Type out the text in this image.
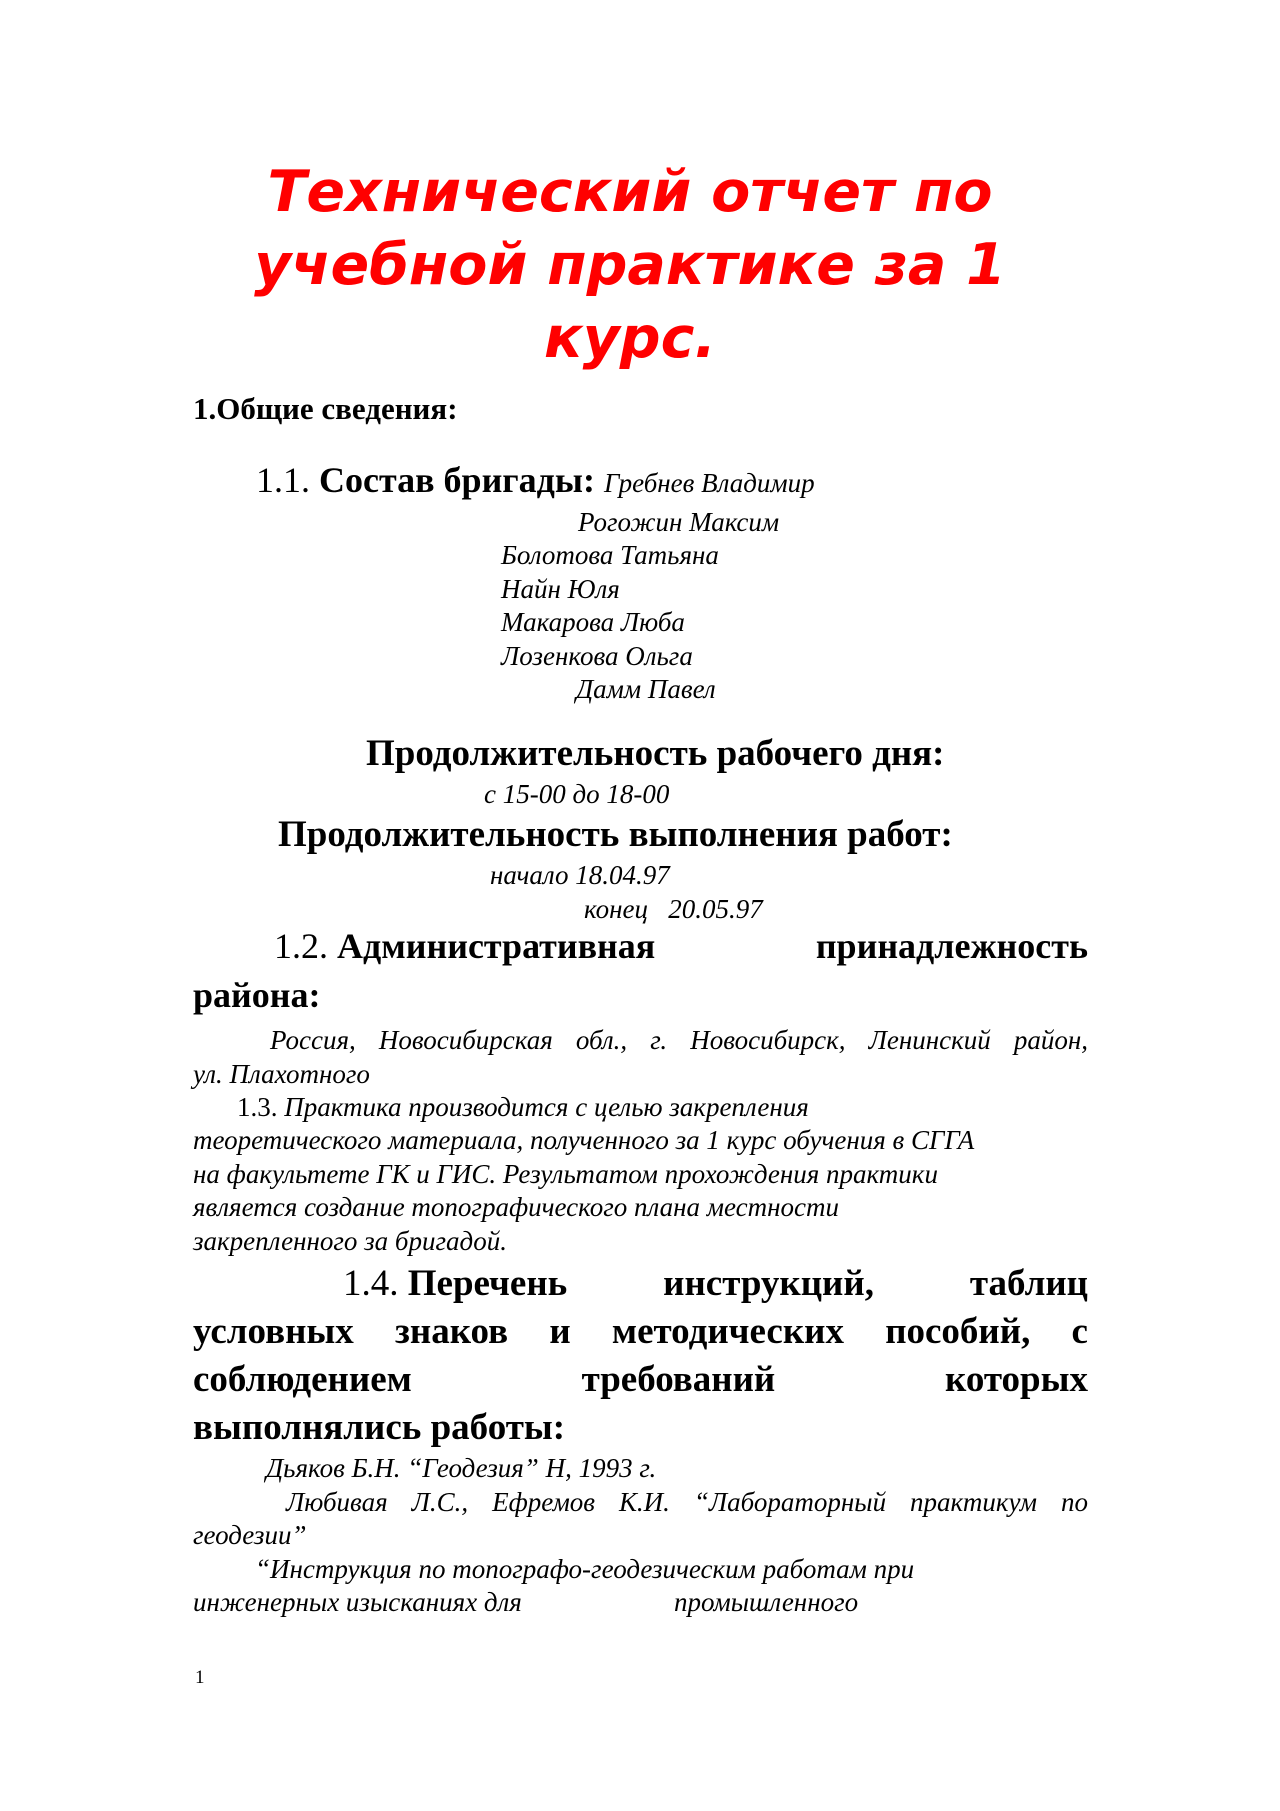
Технический отчет по
учебной практике за 1
курс.
1.Общие сведения:
1.1. Состав бригады: Гребнев Владимир
Рогожин Максим
Болотова Татьяна
Найн Юля
Макарова Люба
Лозенкова Ольга
Дамм Павел
Продолжительность рабочего дня:
с 15-00 до 18-00
Продолжительность выполнения работ:
начало 18.04.97
конец 20.05.97
1.2. Административная	принадлежность
района:
Россия, Новосибирская обл., г. Новосибирск, Ленинский район,
ул. Плахотного
1.3. Практика производится с целью закрепления
теоретического материала, полученного за 1 курс обучения в СГГА
на факультете ГК и ГИС. Результатом прохождения практики
является создание топографического плана местности
закрепленного за бригадой.
1.4. Перечень	инструкций,	таблиц
условных знаков и методических пособий, с
соблюдением	требований	которых
выполнялись работы:
Дьяков Б.Н. “Геодезия” Н, 1993 г.
Любивая Л.С., Ефремов К.И. “Лабораторный практикум по
геодезии”
“Инструкция по топографо-геодезическим работам при
инженерных изысканиях для	промышленного
1
